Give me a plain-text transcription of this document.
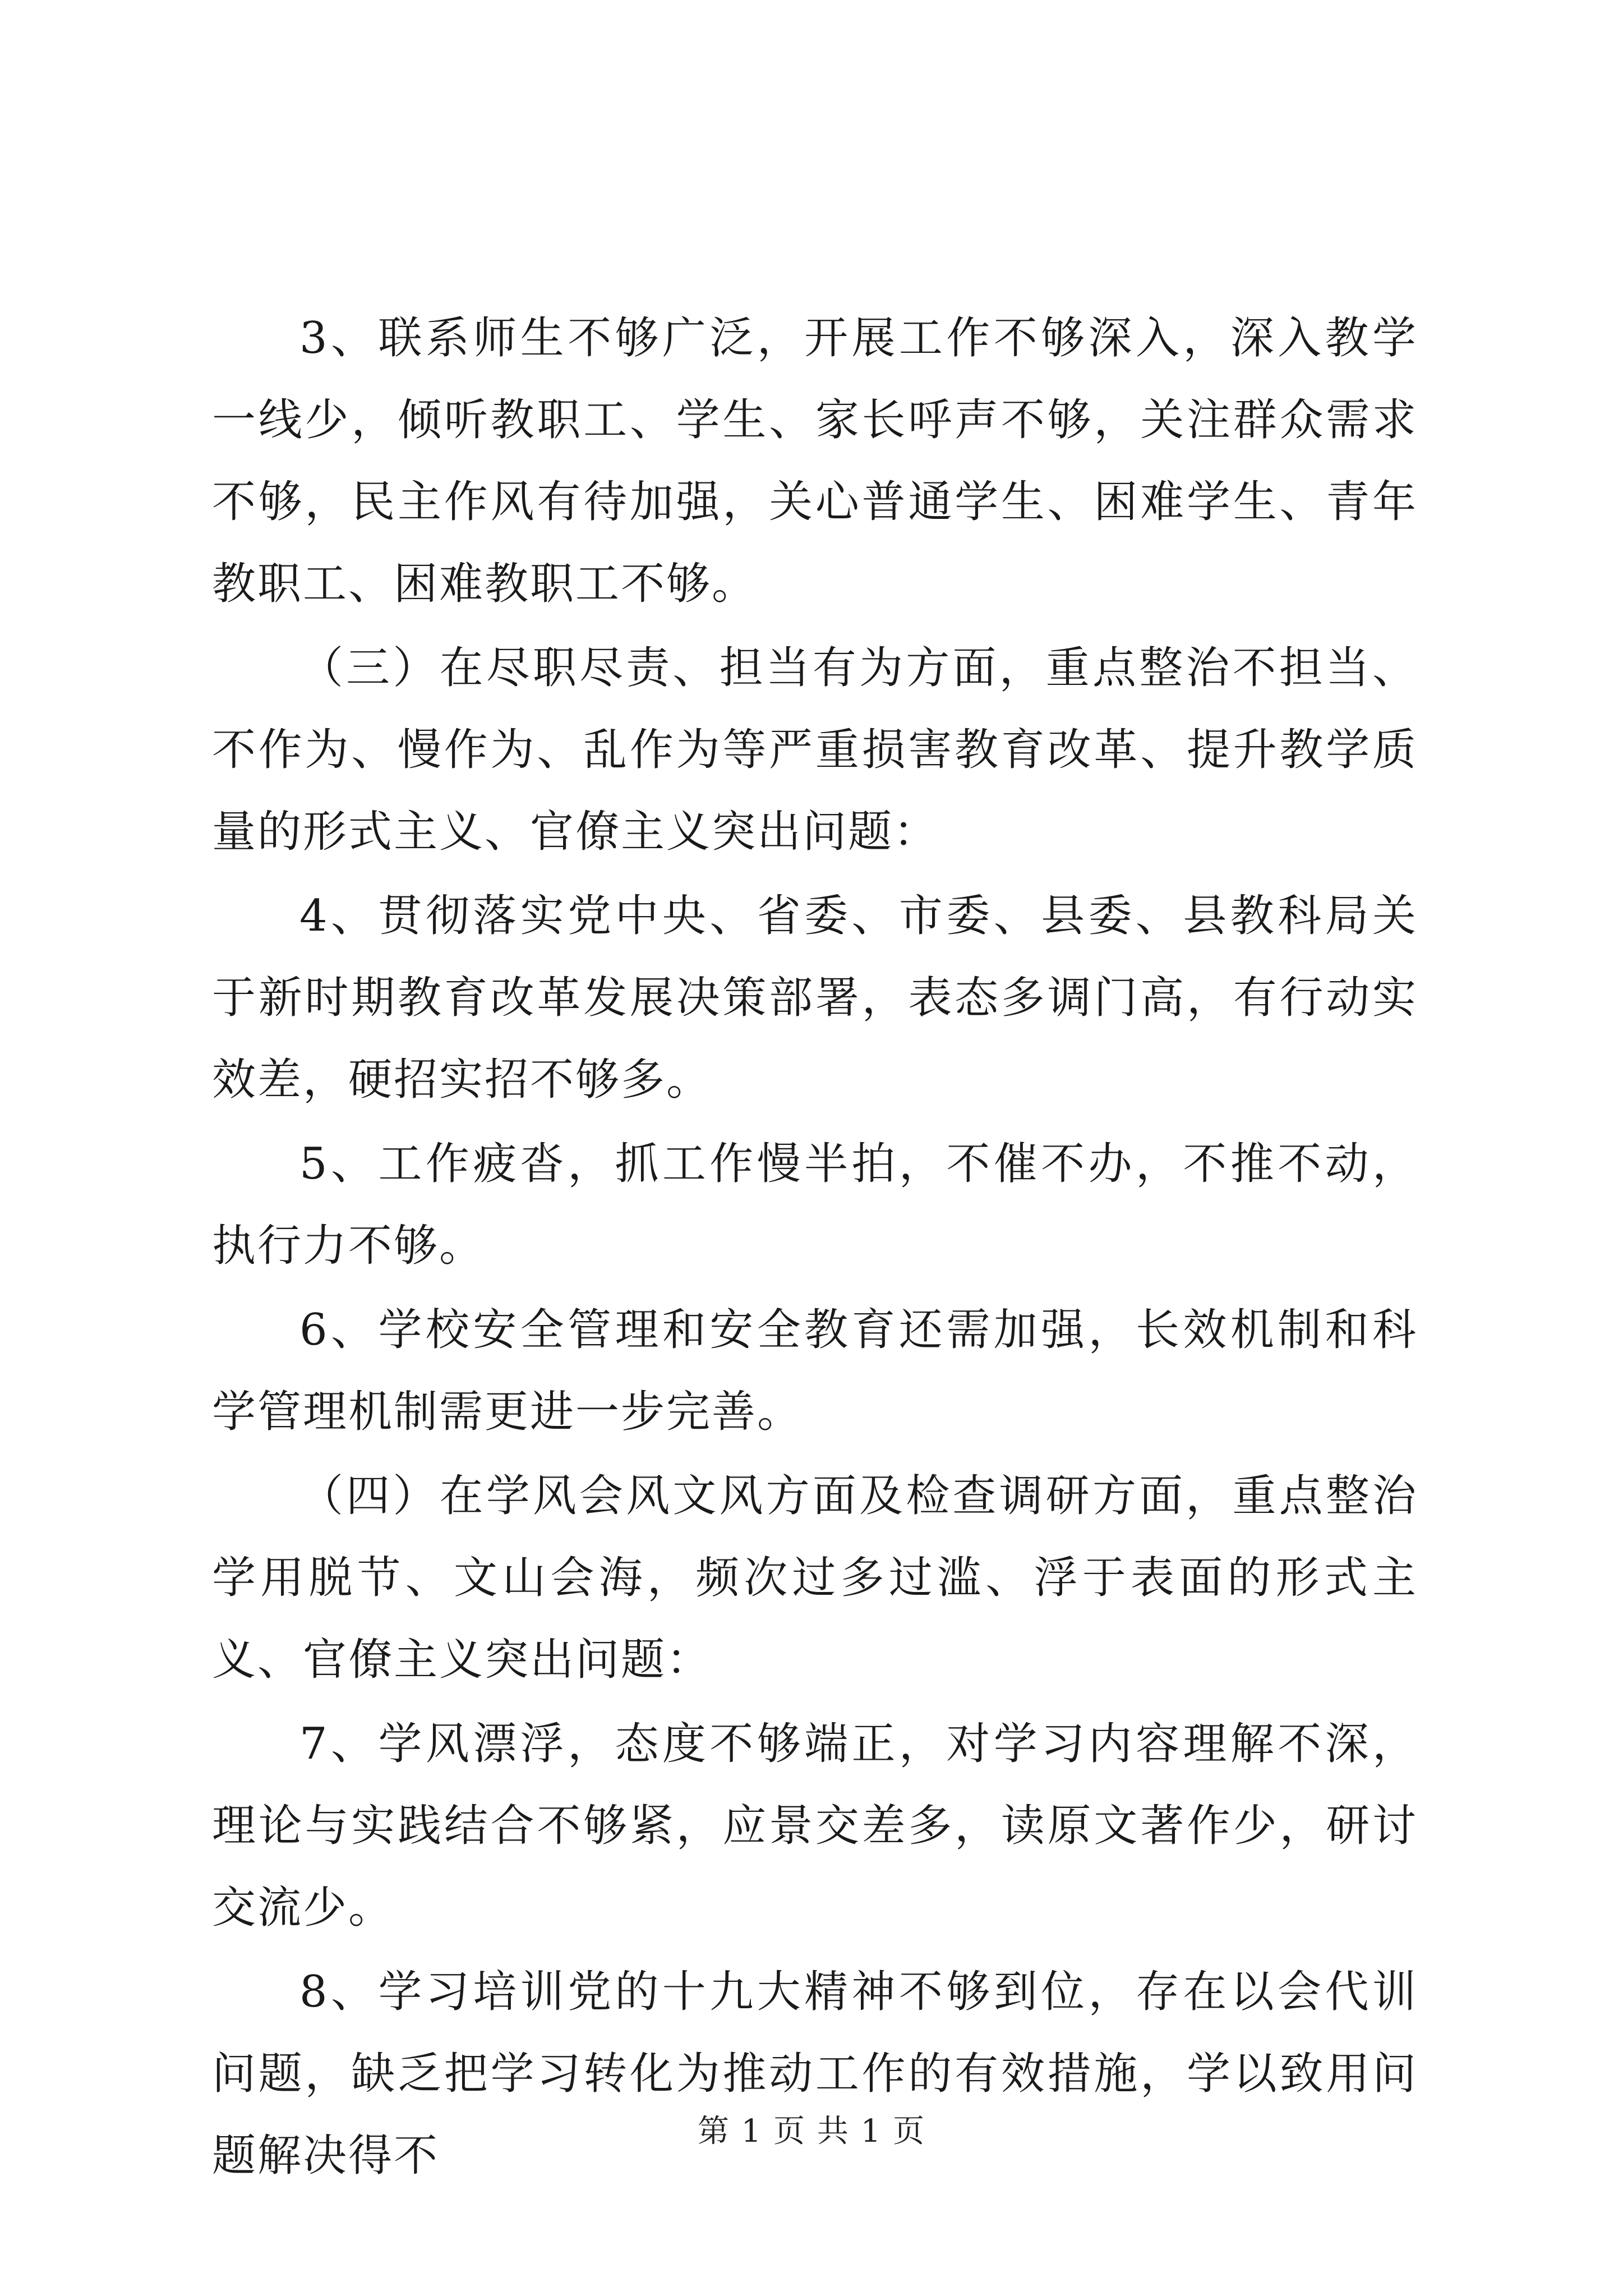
3、联系师生不够广泛，开展工作不够深入，深入教学一线少，倾听教职工、学生、家长呼声不够，关注群众需求不够，民主作风有待加强，关心普通学生、困难学生、青年教职工、困难教职工不够。

（三）在尽职尽责、担当有为方面，重点整治不担当、不作为、慢作为、乱作为等严重损害教育改革、提升教学质量的形式主义、官僚主义突出问题：

4、贯彻落实党中央、省委、市委、县委、县教科局关于新时期教育改革发展决策部署，表态多调门高，有行动实效差，硬招实招不够多。

5、工作疲沓，抓工作慢半拍，不催不办，不推不动，执行力不够。

6、学校安全管理和安全教育还需加强，长效机制和科学管理机制需更进一步完善。

（四）在学风会风文风方面及检查调研方面，重点整治学用脱节、文山会海，频次过多过滥、浮于表面的形式主义、官僚主义突出问题：

7、学风漂浮，态度不够端正，对学习内容理解不深，理论与实践结合不够紧，应景交差多，读原文著作少，研讨交流少。

8、学习培训党的十九大精神不够到位，存在以会代训问题，缺乏把学习转化为推动工作的有效措施，学以致用问题解决得不	第 1 页 共 1 页
